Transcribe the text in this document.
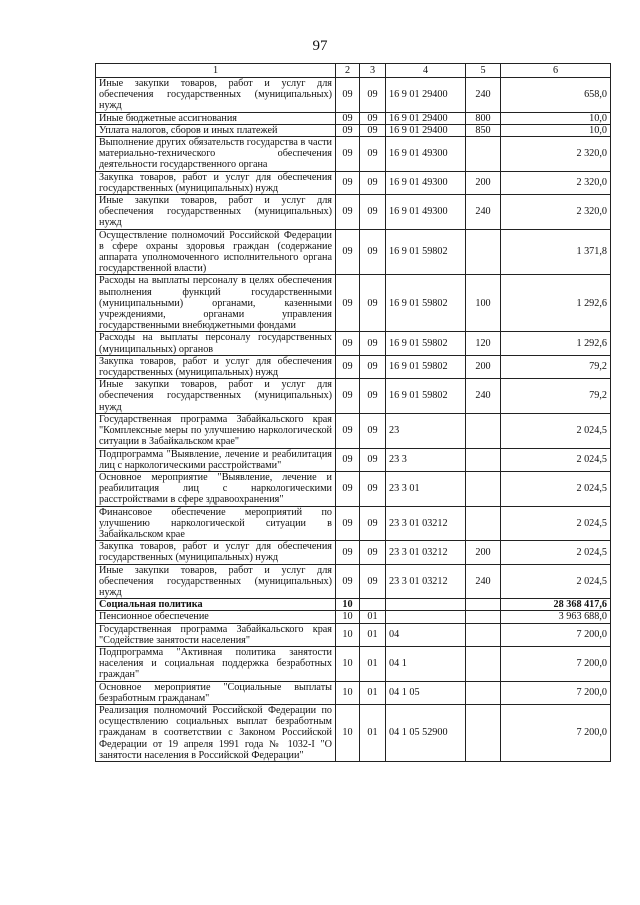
97
1	2	3	4	5	6
Иные закупки товаров, работ и услуг для обеспечения государственных (муниципальных) нужд	09	09	16 9 01 29400	240	658,0
Иные бюджетные ассигнования	09	09	16 9 01 29400	800	10,0
Уплата налогов, сборов и иных платежей	09	09	16 9 01 29400	850	10,0
Выполнение других обязательств государства в части материально-технического обеспечения деятельности государственного органа	09	09	16 9 01 49300		2 320,0
Закупка товаров, работ и услуг для обеспечения государственных (муниципальных) нужд	09	09	16 9 01 49300	200	2 320,0
Иные закупки товаров, работ и услуг для обеспечения государственных (муниципальных) нужд	09	09	16 9 01 49300	240	2 320,0
Осуществление полномочий Российской Федерации в сфере охраны здоровья граждан (содержание аппарата уполномоченного исполнительного органа государственной власти)	09	09	16 9 01 59802		1 371,8
Расходы на выплаты персоналу в целях обеспечения выполнения функций государственными (муниципальными) органами, казенными учреждениями, органами управления государственными внебюджетными фондами	09	09	16 9 01 59802	100	1 292,6
Расходы на выплаты персоналу государственных (муниципальных) органов	09	09	16 9 01 59802	120	1 292,6
Закупка товаров, работ и услуг для обеспечения государственных (муниципальных) нужд	09	09	16 9 01 59802	200	79,2
Иные закупки товаров, работ и услуг для обеспечения государственных (муниципальных) нужд	09	09	16 9 01 59802	240	79,2
Государственная программа Забайкальского края "Комплексные меры по улучшению наркологической ситуации в Забайкальском крае"	09	09	23		2 024,5
Подпрограмма "Выявление, лечение и реабилитация лиц с наркологическими расстройствами"	09	09	23 3		2 024,5
Основное мероприятие "Выявление, лечение и реабилитация лиц с наркологическими расстройствами в сфере здравоохранения"	09	09	23 3 01		2 024,5
Финансовое обеспечение мероприятий по улучшению наркологической ситуации в Забайкальском крае	09	09	23 3 01 03212		2 024,5
Закупка товаров, работ и услуг для обеспечения государственных (муниципальных) нужд	09	09	23 3 01 03212	200	2 024,5
Иные закупки товаров, работ и услуг для обеспечения государственных (муниципальных) нужд	09	09	23 3 01 03212	240	2 024,5
Социальная политика	10				28 368 417,6
Пенсионное обеспечение	10	01			3 963 688,0
Государственная программа Забайкальского края "Содействие занятости населения"	10	01	04		7 200,0
Подпрограмма "Активная политика занятости населения и социальная поддержка безработных граждан"	10	01	04 1		7 200,0
Основное мероприятие "Социальные выплаты безработным гражданам"	10	01	04 1 05		7 200,0
Реализация полномочий Российской Федерации по осуществлению социальных выплат безработным гражданам в соответствии с Законом Российской Федерации от 19 апреля 1991 года № 1032-I "О занятости населения в Российской Федерации"	10	01	04 1 05 52900		7 200,0
